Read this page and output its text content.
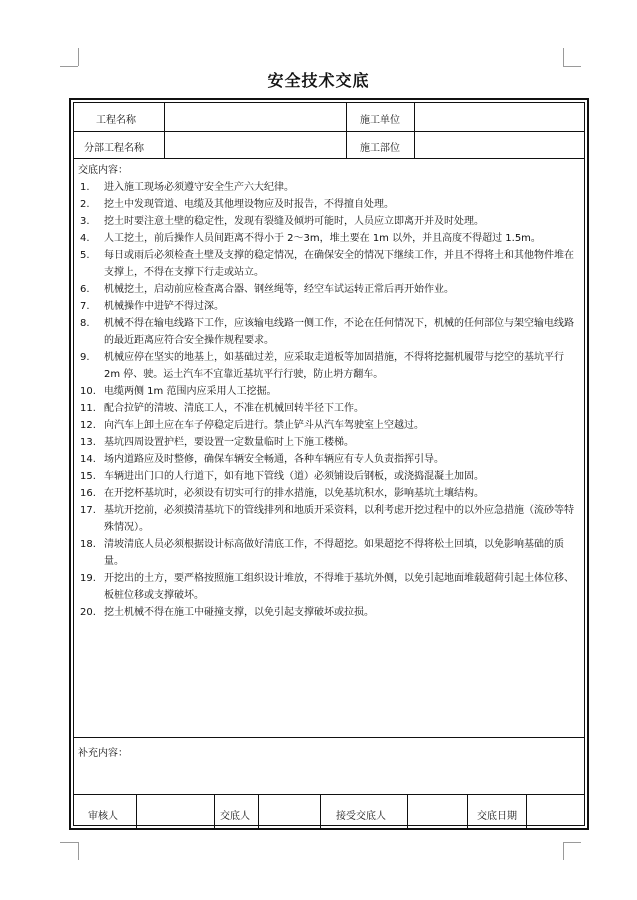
安全技术交底
工程名称	施工单位
分部工程名称	施工部位
交底内容：
1. 进入施工现场必须遵守安全生产六大纪律。
2. 挖土中发现管道、电缆及其他埋设物应及时报告，不得擅自处理。
3. 挖土时要注意土壁的稳定性，发现有裂缝及倾坍可能时，人员应立即离开并及时处理。
4. 人工挖土，前后操作人员间距离不得小于 2～3m，堆土要在 1m 以外，并且高度不得超过 1.5m。
5. 每日或雨后必须检查土壁及支撑的稳定情况，在确保安全的情况下继续工作，并且不得将土和其他物件堆在支撑上，不得在支撑下行走或站立。
6. 机械挖土，启动前应检查离合器、钢丝绳等，经空车试运转正常后再开始作业。
7. 机械操作中进铲不得过深。
8. 机械不得在输电线路下工作，应该输电线路一侧工作，不论在任何情况下，机械的任何部位与架空输电线路的最近距离应符合安全操作规程要求。
9. 机械应停在坚实的地基上，如基础过差，应采取走道板等加固措施，不得将挖掘机履带与挖空的基坑平行 2m 停、驶。运土汽车不宜靠近基坑平行行驶，防止坍方翻车。
10. 电缆两侧 1m 范围内应采用人工挖掘。
11. 配合拉铲的清坡、清底工人，不准在机械回转半径下工作。
12. 向汽车上卸土应在车子停稳定后进行。禁止铲斗从汽车驾驶室上空越过。
13. 基坑四周设置护栏，要设置一定数量临时上下施工楼梯。
14. 场内道路应及时整修，确保车辆安全畅通，各种车辆应有专人负责指挥引导。
15. 车辆进出门口的人行道下，如有地下管线（道）必须铺设后钢板，或浇捣混凝土加固。
16. 在开挖杯基坑时，必须设有切实可行的排水措施，以免基坑积水，影响基坑土壤结构。
17. 基坑开挖前，必须摸清基坑下的管线排列和地质开采资料，以利考虑开挖过程中的以外应急措施（流砂等特殊情况）。
18. 清坡清底人员必须根据设计标高做好清底工作，不得超挖。如果超挖不得将松土回填，以免影响基础的质量。
19. 开挖出的土方，要严格按照施工组织设计堆放，不得堆于基坑外侧，以免引起地面堆载超荷引起土体位移、板桩位移或支撑破坏。
20. 挖土机械不得在施工中碰撞支撑，以免引起支撑破坏或拉损。
补充内容：
审核人	交底人	接受交底人	交底日期
